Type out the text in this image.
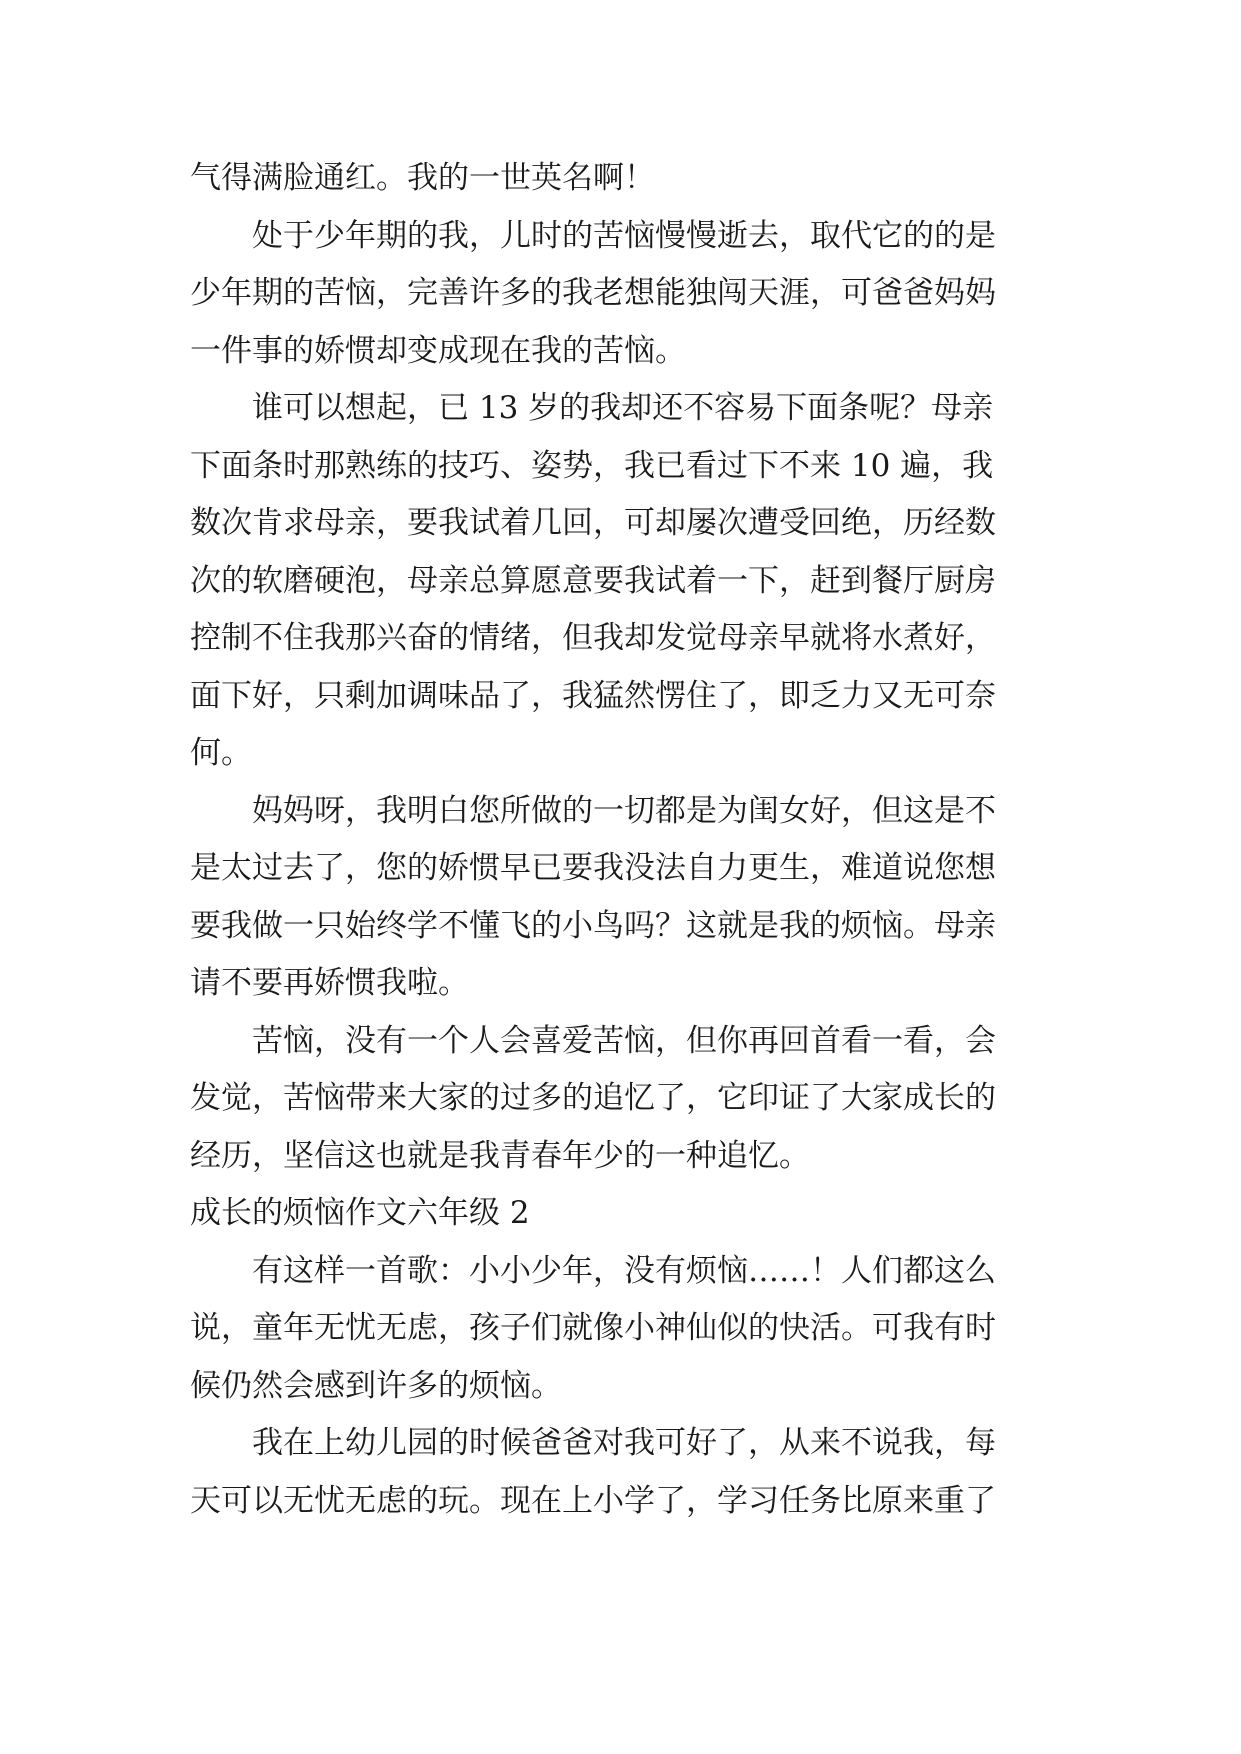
气得满脸通红。我的一世英名啊！
处于少年期的我，儿时的苦恼慢慢逝去，取代它的的是
少年期的苦恼，完善许多的我老想能独闯天涯，可爸爸妈妈
一件事的娇惯却变成现在我的苦恼。
谁可以想起，已 13 岁的我却还不容易下面条呢？母亲
下面条时那熟练的技巧、姿势，我已看过下不来 10 遍，我
数次肯求母亲，要我试着几回，可却屡次遭受回绝，历经数
次的软磨硬泡，母亲总算愿意要我试着一下，赶到餐厅厨房
控制不住我那兴奋的情绪，但我却发觉母亲早就将水煮好，
面下好，只剩加调味品了，我猛然愣住了，即乏力又无可奈
何。
妈妈呀，我明白您所做的一切都是为闺女好，但这是不
是太过去了，您的娇惯早已要我没法自力更生，难道说您想
要我做一只始终学不懂飞的小鸟吗？这就是我的烦恼。母亲
请不要再娇惯我啦。
苦恼，没有一个人会喜爱苦恼，但你再回首看一看，会
发觉，苦恼带来大家的过多的追忆了，它印证了大家成长的
经历，坚信这也就是我青春年少的一种追忆。
成长的烦恼作文六年级 2
有这样一首歌：小小少年，没有烦恼……！人们都这么
说，童年无忧无虑，孩子们就像小神仙似的快活。可我有时
候仍然会感到许多的烦恼。
我在上幼儿园的时候爸爸对我可好了，从来不说我，每
天可以无忧无虑的玩。现在上小学了，学习任务比原来重了
